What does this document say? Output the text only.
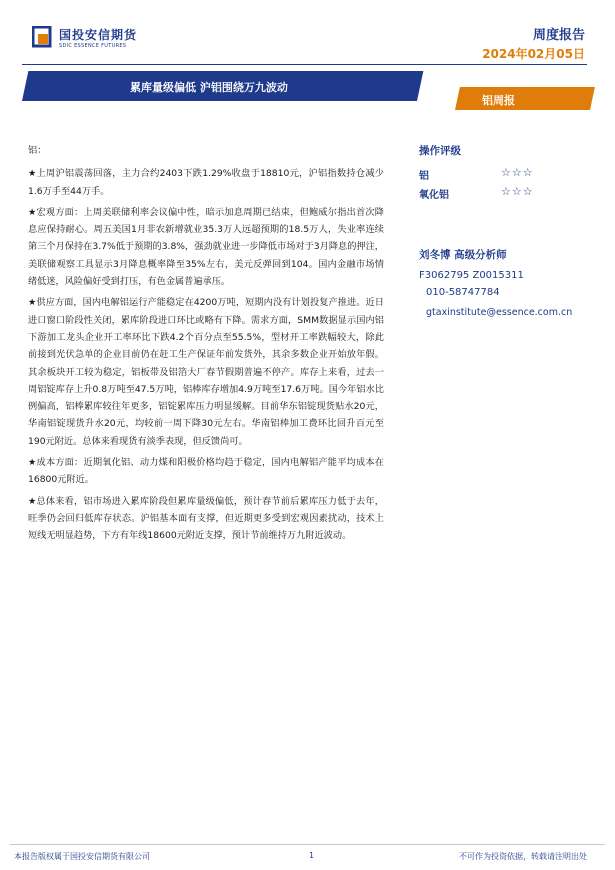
国投安信期货
SDIC ESSENCE FUTURES
周度报告
2024年02月05日
累库量级偏低 沪铝围绕万九波动
铝周报

铝：

★上周沪铝震荡回落，主力合约2403下跌1.29%收盘于18810元，沪铝指数持仓减少1.6万手至44万手。

★宏观方面：上周美联储利率会议偏中性，暗示加息周期已结束，但鲍威尔指出首次降息应保持耐心。周五美国1月非农新增就业35.3万人远超预期的18.5万人，失业率连续第三个月保持在3.7%低于预期的3.8%，强劲就业进一步降低市场对于3月降息的押注，美联储观察工具显示3月降息概率降至35%左右，美元反弹回到104。国内金融市场情绪低迷，风险偏好受到打压，有色金属普遍承压。

★供应方面，国内电解铝运行产能稳定在4200万吨，短期内没有计划投复产推进。近日进口窗口阶段性关闭，累库阶段进口环比或略有下降。需求方面，SMM数据显示国内铝下游加工龙头企业开工率环比下跌4.2个百分点至55.5%，型材开工率跌幅较大，除此前接到光伏急单的企业目前仍在赶工生产保证年前发货外，其余多数企业开始放年假。其余板块开工较为稳定，铝板带及铝箔大厂春节假期普遍不停产。库存上来看，过去一周铝锭库存上升0.8万吨至47.5万吨，铝棒库存增加4.9万吨至17.6万吨。国今年铝水比例偏高，铝棒累库较往年更多，铝锭累库压力明显缓解。目前华东铝锭现货贴水20元，华南铝锭现货升水20元，均较前一周下降30元左右。华南铝棒加工费环比回升百元至190元附近。总体来看现货有淡季表现，但反馈尚可。

★成本方面：近期氧化铝、动力煤和阳极价格均趋于稳定，国内电解铝产能平均成本在16800元附近。

★总体来看，铝市场进入累库阶段但累库量级偏低，预计春节前后累库压力低于去年，旺季仍会回归低库存状态。沪铝基本面有支撑，但近期更多受到宏观因素扰动，技术上短线无明显趋势，下方有年线18600元附近支撑，预计节前维持万九附近波动。

操作评级
铝	☆☆☆
氧化铝	☆☆☆
刘冬博 高级分析师
F3062795 Z0015311
010-58747784
gtaxinstitute@essence.com.cn
本报告版权属于国投安信期货有限公司	1	不可作为投资依据，转载请注明出处
